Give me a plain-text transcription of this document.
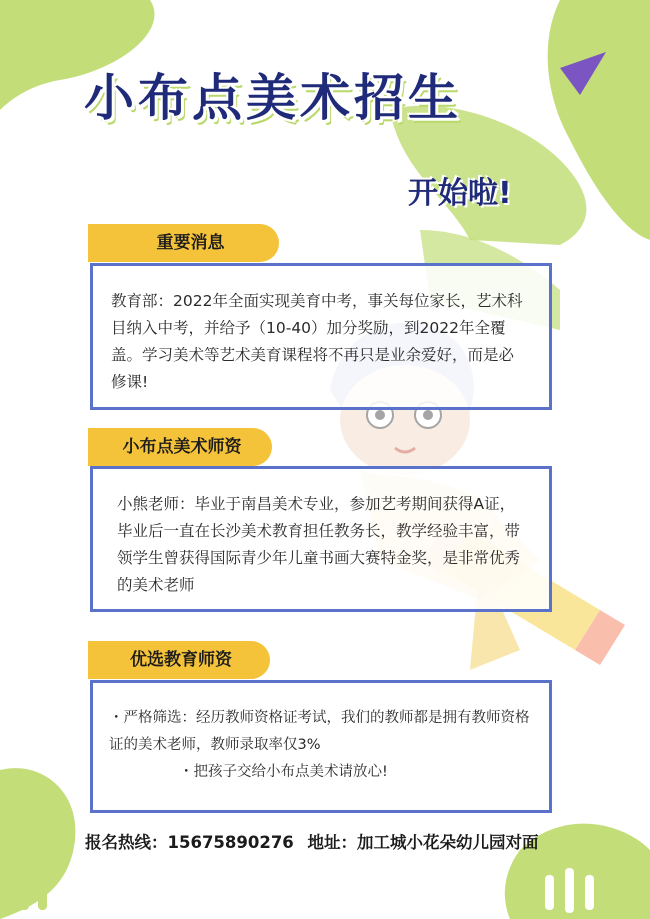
小布点美术招生
开始啦!
重要消息

教育部：2022年全面实现美育中考，事关每位家长，艺术科目纳入中考，并给予（10-40）加分奖励，到2022年全覆盖。学习美术等艺术美育课程将不再只是业余爱好，而是必修课!

小布点美术师资

小熊老师：毕业于南昌美术专业，参加艺考期间获得A证，毕业后一直在长沙美术教育担任教务长，教学经验丰富，带领学生曾获得国际青少年儿童书画大赛特金奖，是非常优秀的美术老师

优选教育师资

・严格筛选：经历教师资格证考试，我们的教师都是拥有教师资格证的美术老师，教师录取率仅3%

・把孩子交给小布点美术请放心!

报名热线：15675890276 地址：加工城小花朵幼儿园对面
